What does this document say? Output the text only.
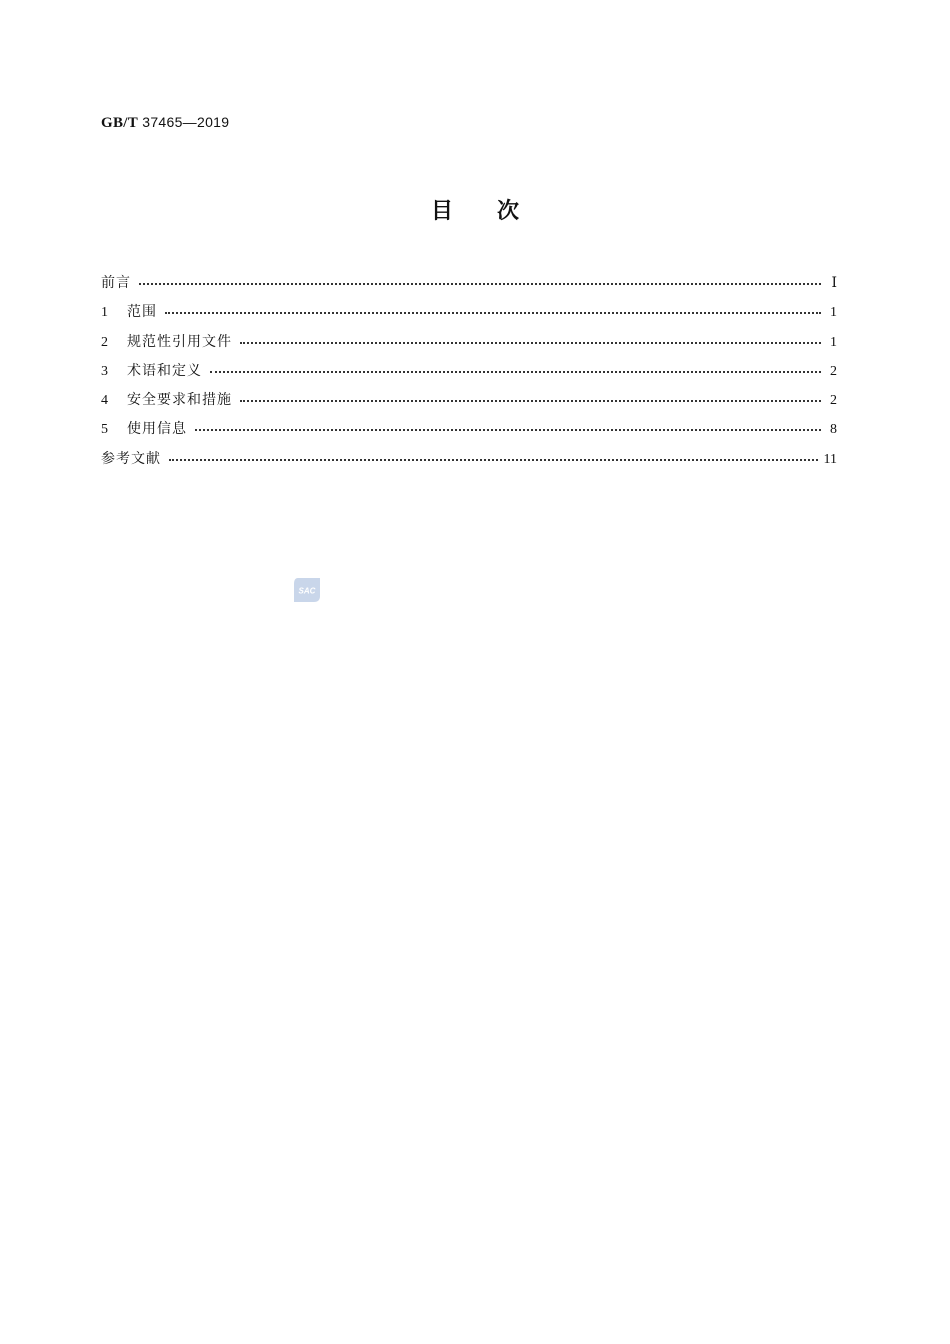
GB/T 37465—2019
目次
前言	Ⅰ
1	范围	1
2	规范性引用文件	1
3	术语和定义	2
4	安全要求和措施	2
5	使用信息	8
参考文献	11
SAC
